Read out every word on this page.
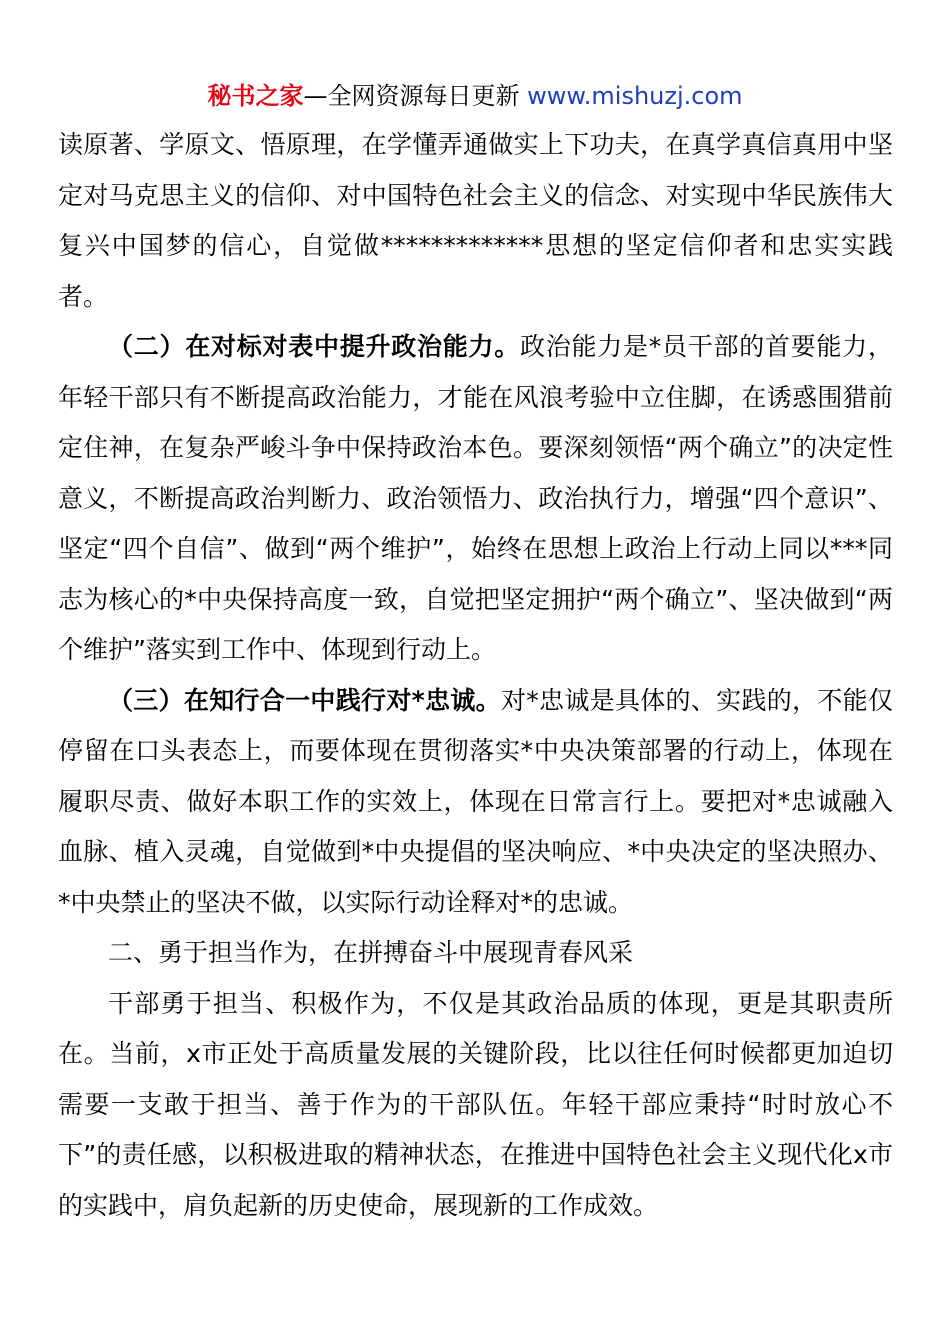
秘书之家—全网资源每日更新 www.mishuzj.com

读原著、学原文、悟原理，在学懂弄通做实上下功夫，在真学真信真用中坚定对马克思主义的信仰、对中国特色社会主义的信念、对实现中华民族伟大复兴中国梦的信心，自觉做*************思想的坚定信仰者和忠实实践者。

（二）在对标对表中提升政治能力。政治能力是*员干部的首要能力，年轻干部只有不断提高政治能力，才能在风浪考验中立住脚，在诱惑围猎前定住神，在复杂严峻斗争中保持政治本色。要深刻领悟“两个确立”的决定性意义，不断提高政治判断力、政治领悟力、政治执行力，增强“四个意识”、坚定“四个自信”、做到“两个维护”，始终在思想上政治上行动上同以***同志为核心的*中央保持高度一致，自觉把坚定拥护“两个确立”、坚决做到“两个维护”落实到工作中、体现到行动上。

（三）在知行合一中践行对*忠诚。对*忠诚是具体的、实践的，不能仅停留在口头表态上，而要体现在贯彻落实*中央决策部署的行动上，体现在履职尽责、做好本职工作的实效上，体现在日常言行上。要把对*忠诚融入血脉、植入灵魂，自觉做到*中央提倡的坚决响应、*中央决定的坚决照办、*中央禁止的坚决不做，以实际行动诠释对*的忠诚。

二、勇于担当作为，在拼搏奋斗中展现青春风采

干部勇于担当、积极作为，不仅是其政治品质的体现，更是其职责所在。当前，x市正处于高质量发展的关键阶段，比以往任何时候都更加迫切需要一支敢于担当、善于作为的干部队伍。年轻干部应秉持“时时放心不下”的责任感，以积极进取的精神状态，在推进中国特色社会主义现代化x市的实践中，肩负起新的历史使命，展现新的工作成效。
